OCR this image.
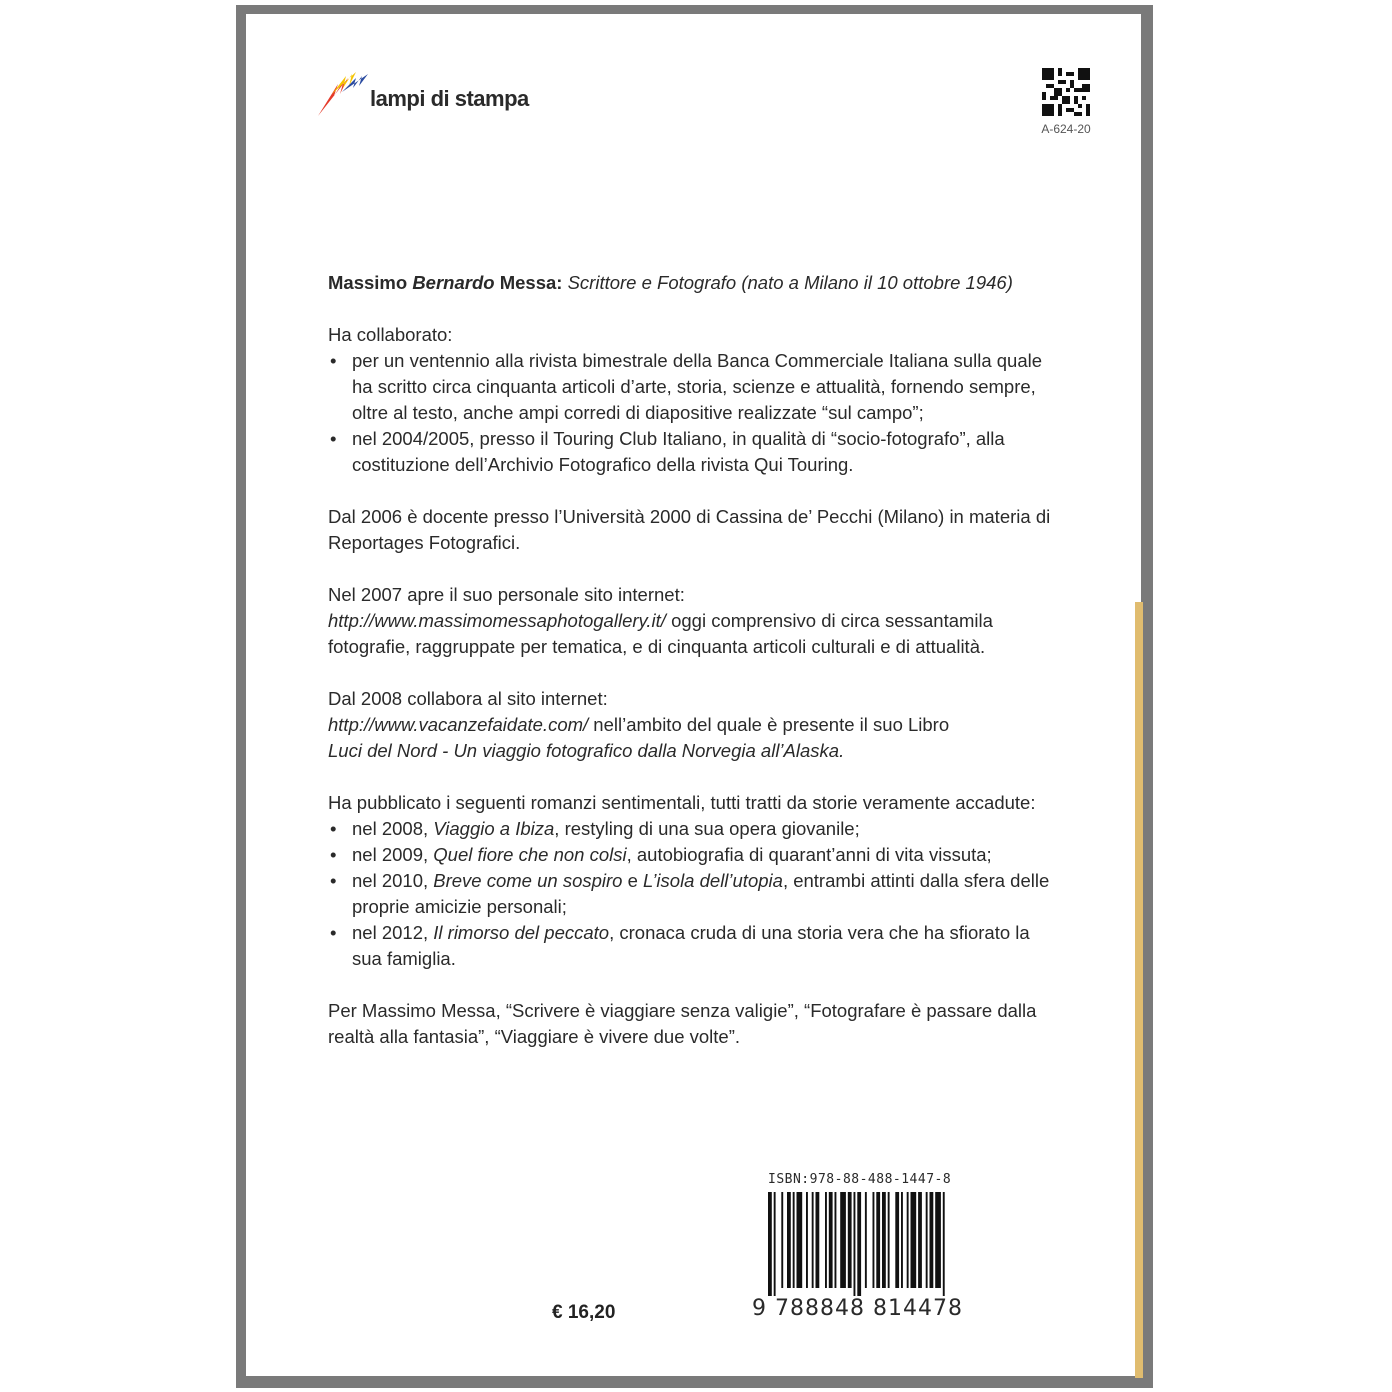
lampi di stampa
A-624-20

Massimo Bernardo Messa: Scrittore e Fotografo (nato a Milano il 10 ottobre 1946)

Ha collaborato:
• per un ventennio alla rivista bimestrale della Banca Commerciale Italiana sulla quale ha scritto circa cinquanta articoli d’arte, storia, scienze e attualità, fornendo sempre, oltre al testo, anche ampi corredi di diapositive realizzate “sul campo”;
• nel 2004/2005, presso il Touring Club Italiano, in qualità di “socio-fotografo”, alla costituzione dell’Archivio Fotografico della rivista Qui Touring.

Dal 2006 è docente presso l’Università 2000 di Cassina de’ Pecchi (Milano) in materia di Reportages Fotografici.

Nel 2007 apre il suo personale sito internet:
http://www.massimomessaphotogallery.it/ oggi comprensivo di circa sessantamila fotografie, raggruppate per tematica, e di cinquanta articoli culturali e di attualità.

Dal 2008 collabora al sito internet:
http://www.vacanzefaidate.com/ nell’ambito del quale è presente il suo Libro
Luci del Nord - Un viaggio fotografico dalla Norvegia all’Alaska.

Ha pubblicato i seguenti romanzi sentimentali, tutti tratti da storie veramente accadute:
• nel 2008, Viaggio a Ibiza, restyling di una sua opera giovanile;
• nel 2009, Quel fiore che non colsi, autobiografia di quarant’anni di vita vissuta;
• nel 2010, Breve come un sospiro e L’isola dell’utopia, entrambi attinti dalla sfera delle proprie amicizie personali;
• nel 2012, Il rimorso del peccato, cronaca cruda di una storia vera che ha sfiorato la sua famiglia.

Per Massimo Messa, “Scrivere è viaggiare senza valigie”, “Fotografare è passare dalla realtà alla fantasia”, “Viaggiare è vivere due volte”.

ISBN:978-88-488-1447-8
9 788848 814478
€ 16,20
